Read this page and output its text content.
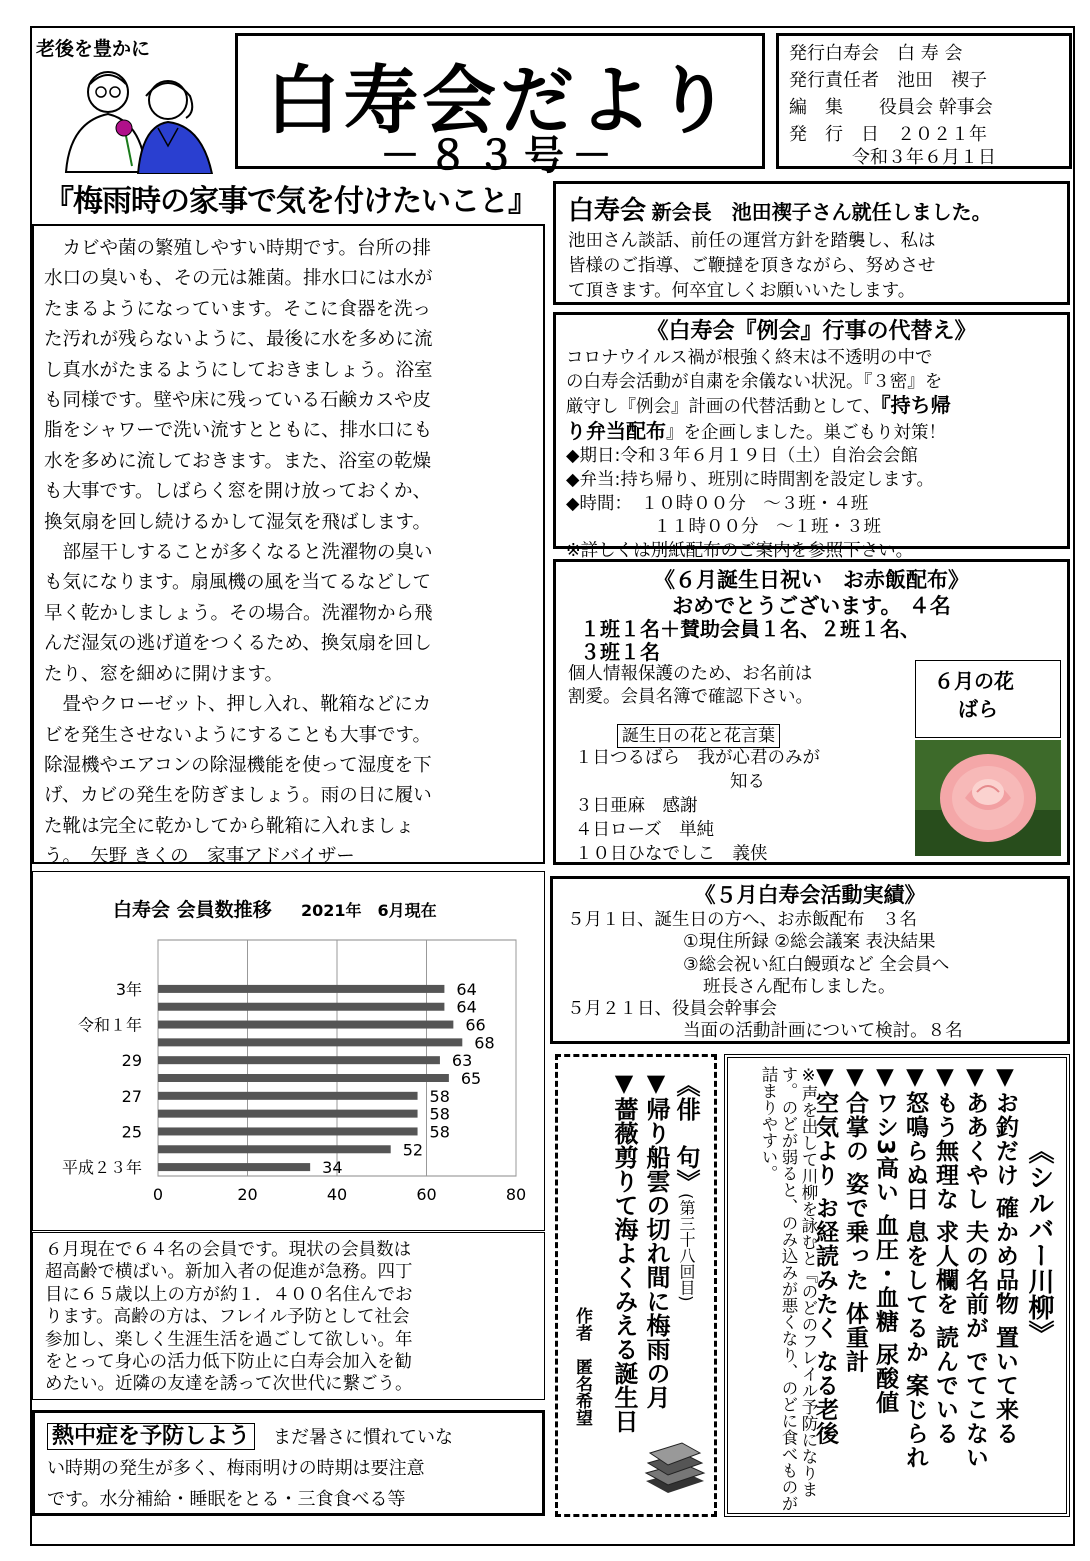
老後を豊かに
白寿会だより
－８３号－
発行白寿会　白 寿 会
発行責任者　池田　禊子
編　集　　役員会 幹事会
発　行　日　２０２１年
令和３年６月１日
『梅雨時の家事で気を付けたいこと』
　カビや菌の繁殖しやすい時期です。台所の排
水口の臭いも、その元は雑菌。排水口には水が
たまるようになっています。そこに食器を洗っ
た汚れが残らないように、最後に水を多めに流
し真水がたまるようにしておきましょう。浴室
も同様です。壁や床に残っている石鹸カスや皮
脂をシャワーで洗い流すとともに、排水口にも
水を多めに流しておきます。また、浴室の乾燥
も大事です。しばらく窓を開け放っておくか、
換気扇を回し続けるかして湿気を飛ばします。
　部屋干しすることが多くなると洗濯物の臭い
も気になります。扇風機の風を当てるなどして
早く乾かしましょう。その場合。洗濯物から飛
んだ湿気の逃げ道をつくるため、換気扇を回し
たり、窓を細めに開けます。
　畳やクローゼット、押し入れ、靴箱などにカ
ビを発生させないようにすることも大事です。
除湿機やエアコンの除湿機能を使って湿度を下
げ、カビの発生を防ぎましょう。雨の日に履い
た靴は完全に乾かしてから靴箱に入れましょ
う。　矢野 きくの　家事アドバイザー
白寿会 新会長　池田禊子さん就任しました。
池田さん談話、前任の運営方針を踏襲し、私は
皆様のご指導、ご鞭撻を頂きながら、努めさせ
て頂きます。何卒宜しくお願いいたします。
《白寿会『例会』行事の代替え》
コロナウイルス禍が根強く終末は不透明の中で
の白寿会活動が自粛を余儀ない状況。『３密』を
厳守し『例会』計画の代替活動として、『持ち帰
り弁当配布』を企画しました。巣ごもり対策！
◆期日:令和３年６月１９日（土）自治会会館
◆弁当:持ち帰り、班別に時間割を設定します。
◆時間：　１０時００分　～３班・４班
　　　　　１１時００分　～１班・３班
※詳しくは別紙配布のご案内を参照下さい。
《６月誕生日祝い　お赤飯配布》
おめでとうございます。 ４名
１班１名＋賛助会員１名、２班１名、
３班１名
個人情報保護のため、お名前は
割愛。会員名簿で確認下さい。
誕生日の花と花言葉
１日つるばら　我が心君のみが
知る
３日亜麻　感謝
４日ローズ　単純
１０日ひなでしこ　義侠
６月の花
ばら
《５月白寿会活動実績》
５月１日、誕生日の方へ、お赤飯配布　３名
①現住所録 ②総会議案 表決結果
③総会祝い紅白饅頭など 全会員へ
班長さん配布しました。
５月２１日、役員会幹事会
当面の活動計画について検討。８名
白寿会 会員数推移 2021年　6月現在
0	20	40	60	80
64
3年
64
66
令和１年
68
63
29
65
58
27
58
58
25
52
34
平成２３年
６月現在で６４名の会員です。現状の会員数は
超高齢で横ばい。新加入者の促進が急務。四丁
目に６５歳以上の方が約１．４００名住んでお
ります。高齢の方は、フレイル予防として社会
参加し、楽しく生涯生活を過ごして欲しい。年
をとって身心の活力低下防止に白寿会加入を勧
めたい。近隣の友達を誘って次世代に繋ごう。
熱中症を予防しよう　 まだ暑さに慣れていな
い時期の発生が多く、梅雨明けの時期は要注意
です。水分補給・睡眠をとる・三食食べる等
《俳　句》(第三十八回目)
▼帰り船雲の切れ間に梅雨の月
▼薔薇剪りて海よくみえる誕生日
作者　匿名希望
《シルバー川柳》
▼お釣だけ 確かめ品物 置いて来る
▼ああくやし 夫の名前が でてこない
▼もう無理な 求人欄を 読んでいる
▼怒鳴らぬ日 息をしてるか 案じられ
▼ワシ3高い 血圧・血糖 尿酸値
▼合掌の 姿で乗った 体重計
▼空気より お経読みたく なる老後
※声を出して川柳を詠むと『のどのフレイル予防になります。のどが弱ると、のみ込みが悪くなり、のどに食べものが詰まりやすい。
